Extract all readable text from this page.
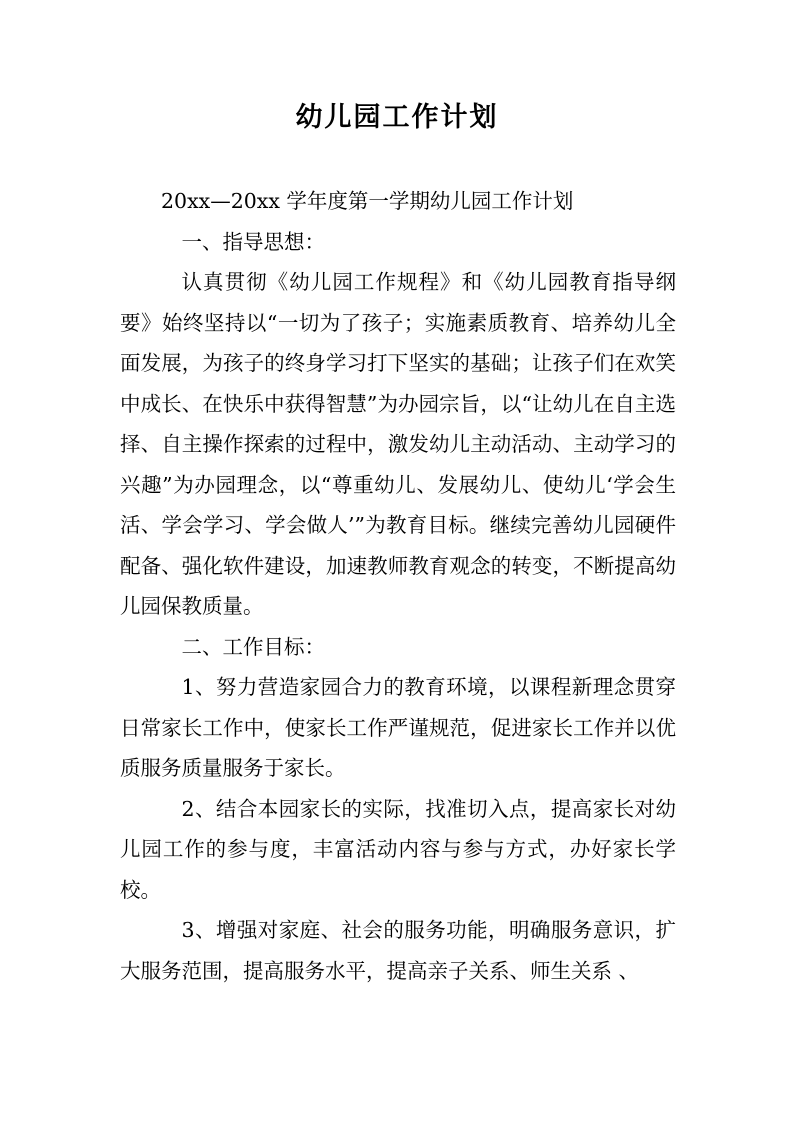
幼儿园工作计划

20xx—20xx 学年度第一学期幼儿园工作计划

一、指导思想：

认真贯彻《幼儿园工作规程》和《幼儿园教育指导纲要》始终坚持以“一切为了孩子；实施素质教育、培养幼儿全面发展，为孩子的终身学习打下坚实的基础；让孩子们在欢笑中成长、在快乐中获得智慧”为办园宗旨，以“让幼儿在自主选择、自主操作探索的过程中，激发幼儿主动活动、主动学习的兴趣”为办园理念，以“尊重幼儿、发展幼儿、使幼儿‘学会生活、学会学习、学会做人’”为教育目标。继续完善幼儿园硬件配备、强化软件建设，加速教师教育观念的转变，不断提高幼儿园保教质量。

二、工作目标：

1、努力营造家园合力的教育环境，以课程新理念贯穿日常家长工作中，使家长工作严谨规范，促进家长工作并以优质服务质量服务于家长。

2、结合本园家长的实际，找准切入点，提高家长对幼儿园工作的参与度，丰富活动内容与参与方式，办好家长学校。

3、增强对家庭、社会的服务功能，明确服务意识，扩大服务范围，提高服务水平，提高亲子关系、师生关系 、
